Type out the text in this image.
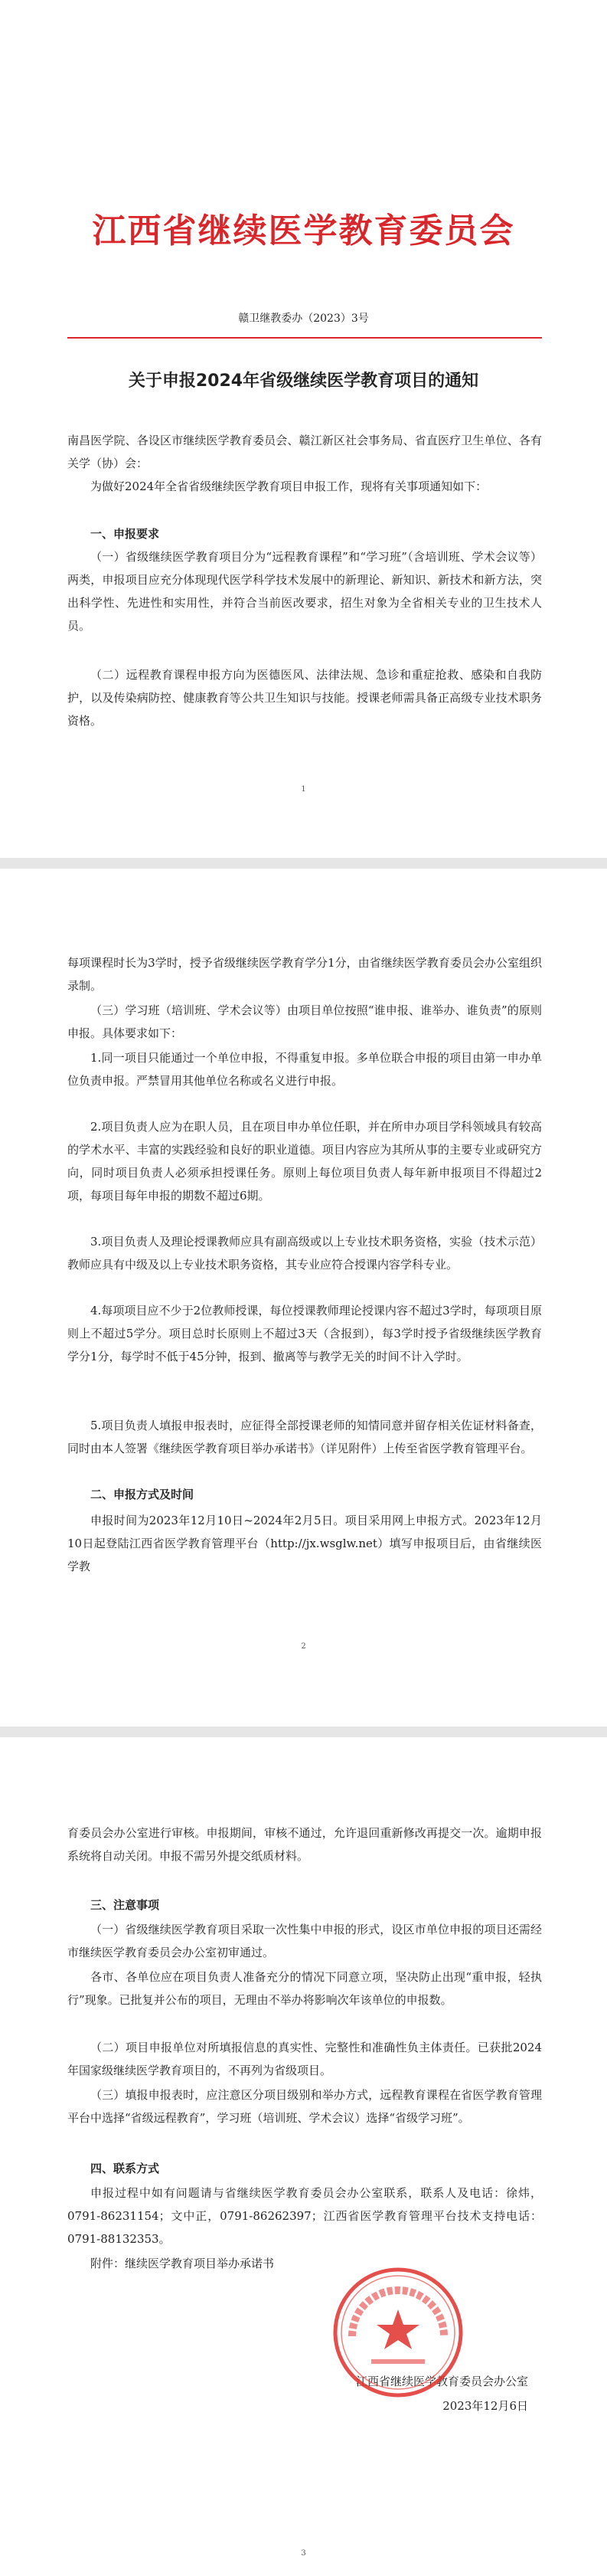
江西省继续医学教育委员会
赣卫继教委办（2023）3号
关于申报2024年省级继续医学教育项目的通知

南昌医学院、各设区市继续医学教育委员会、赣江新区社会事务局、省直医疗卫生单位、各有关学（协）会：

为做好2024年全省省级继续医学教育项目申报工作，现将有关事项通知如下：

一、申报要求

（一）省级继续医学教育项目分为“远程教育课程”和“学习班”（含培训班、学术会议等）两类，申报项目应充分体现现代医学科学技术发展中的新理论、新知识、新技术和新方法，突出科学性、先进性和实用性，并符合当前医改要求，招生对象为全省相关专业的卫生技术人员。

（二）远程教育课程申报方向为医德医风、法律法规、急诊和重症抢救、感染和自我防护，以及传染病防控、健康教育等公共卫生知识与技能。授课老师需具备正高级专业技术职务资格。

1

每项课程时长为3学时，授予省级继续医学教育学分1分，由省继续医学教育委员会办公室组织录制。

（三）学习班（培训班、学术会议等）由项目单位按照“谁申报、谁举办、谁负责”的原则申报。具体要求如下：

1.同一项目只能通过一个单位申报，不得重复申报。多单位联合申报的项目由第一申办单位负责申报。严禁冒用其他单位名称或名义进行申报。

2.项目负责人应为在职人员，且在项目申办单位任职，并在所申办项目学科领域具有较高的学术水平、丰富的实践经验和良好的职业道德。项目内容应为其所从事的主要专业或研究方向，同时项目负责人必须承担授课任务。原则上每位项目负责人每年新申报项目不得超过2项，每项目每年申报的期数不超过6期。

3.项目负责人及理论授课教师应具有副高级或以上专业技术职务资格，实验（技术示范）教师应具有中级及以上专业技术职务资格，其专业应符合授课内容学科专业。

4.每项项目应不少于2位教师授课，每位授课教师理论授课内容不超过3学时，每项项目原则上不超过5学分。项目总时长原则上不超过3天（含报到），每3学时授予省级继续医学教育学分1分，每学时不低于45分钟，报到、撤离等与教学无关的时间不计入学时。

5.项目负责人填报申报表时，应征得全部授课老师的知情同意并留存相关佐证材料备查，同时由本人签署《继续医学教育项目举办承诺书》（详见附件）上传至省医学教育管理平台。

二、申报方式及时间

申报时间为2023年12月10日~2024年2月5日。项目采用网上申报方式。2023年12月10日起登陆江西省医学教育管理平台（http://jx.wsglw.net）填写申报项目后，由省继续医学教

2

育委员会办公室进行审核。申报期间，审核不通过，允许退回重新修改再提交一次。逾期申报系统将自动关闭。申报不需另外提交纸质材料。

三、注意事项

（一）省级继续医学教育项目采取一次性集中申报的形式，设区市单位申报的项目还需经市继续医学教育委员会办公室初审通过。

各市、各单位应在项目负责人准备充分的情况下同意立项，坚决防止出现“重申报，轻执行”现象。已批复并公布的项目，无理由不举办将影响次年该单位的申报数。

（二）项目申报单位对所填报信息的真实性、完整性和准确性负主体责任。已获批2024年国家级继续医学教育项目的，不再列为省级项目。

（三）填报申报表时，应注意区分项目级别和举办方式，远程教育课程在省医学教育管理平台中选择“省级远程教育”，学习班（培训班、学术会议）选择“省级学习班”。

四、联系方式

申报过程中如有问题请与省继续医学教育委员会办公室联系，联系人及电话：徐炜，0791-86231154；文中正，0791-86262397；江西省医学教育管理平台技术支持电话：0791-88132353。

附件：继续医学教育项目举办承诺书

江西省继续医学教育委员会办公室
2023年12月6日
3
